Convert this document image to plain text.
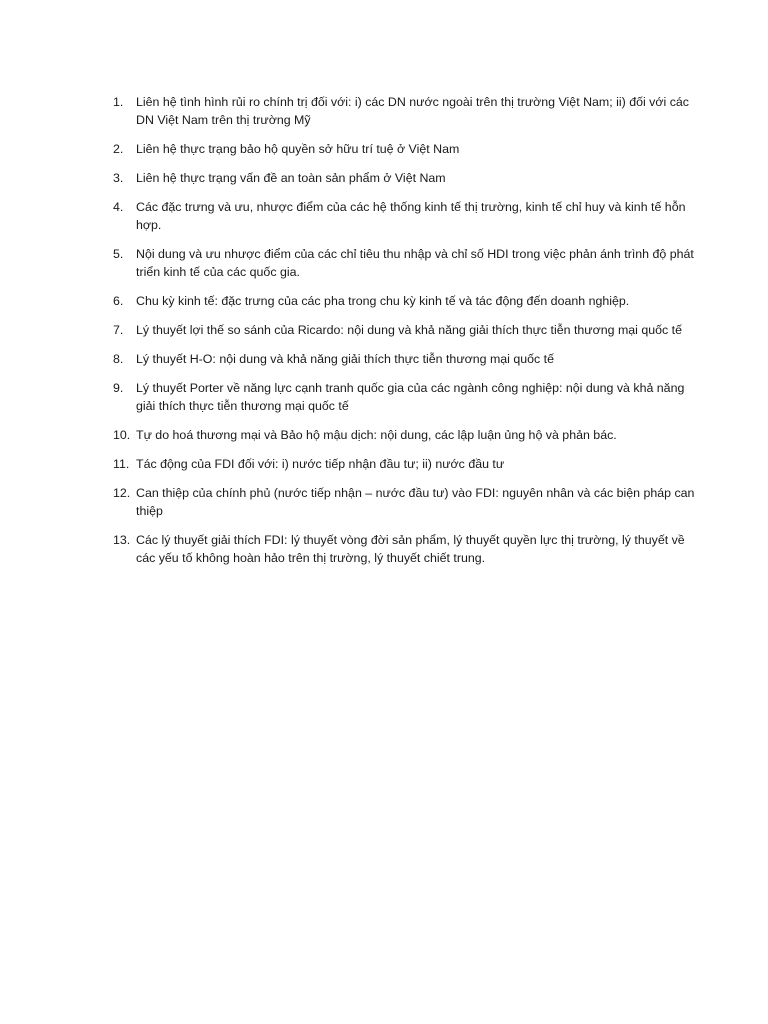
1.	Liên hệ tình hình rủi ro chính trị đối với: i) các DN nước ngoài trên thị trường Việt Nam; ii) đối với các DN Việt Nam trên thị trường Mỹ
2.	Liên hệ thực trạng bảo hộ quyền sở hữu trí tuệ ở Việt Nam
3.	Liên hệ thực trạng vấn đề an toàn sản phẩm ở Việt Nam
4.	Các đặc trưng và ưu, nhược điểm của các hệ thống kinh tế thị trường, kinh tế chỉ huy và kinh tế hỗn hợp.
5.	Nội dung và ưu nhược điểm của các chỉ tiêu thu nhập và chỉ số HDI trong việc phản ánh trình độ phát triển kinh tế của các quốc gia.
6.	Chu kỳ kinh tế: đặc trưng của các pha trong chu kỳ kinh tế và tác động đến doanh nghiệp.
7.	Lý thuyết lợi thế so sánh của Ricardo: nội dung và khả năng giải thích thực tiễn thương mại quốc tế
8.	Lý thuyết H-O: nội dung và khả năng giải thích thực tiễn thương mại quốc tế
9.	Lý thuyết Porter về năng lực cạnh tranh quốc gia của các ngành công nghiệp: nội dung và khả năng giải thích thực tiễn thương mại quốc tế
10. Tự do hoá thương mại và Bảo hộ mậu dịch: nội dung, các lập luận ủng hộ và phản bác.
11. Tác động của FDI đối với: i) nước tiếp nhận đầu tư; ii) nước đầu tư
12. Can thiệp của chính phủ (nước tiếp nhận – nước đầu tư) vào FDI: nguyên nhân và các biện pháp can thiệp
13. Các lý thuyết giải thích FDI: lý thuyết vòng đời sản phẩm, lý thuyết quyền lực thị trường, lý thuyết về các yếu tố không hoàn hảo trên thị trường, lý thuyết chiết trung.
